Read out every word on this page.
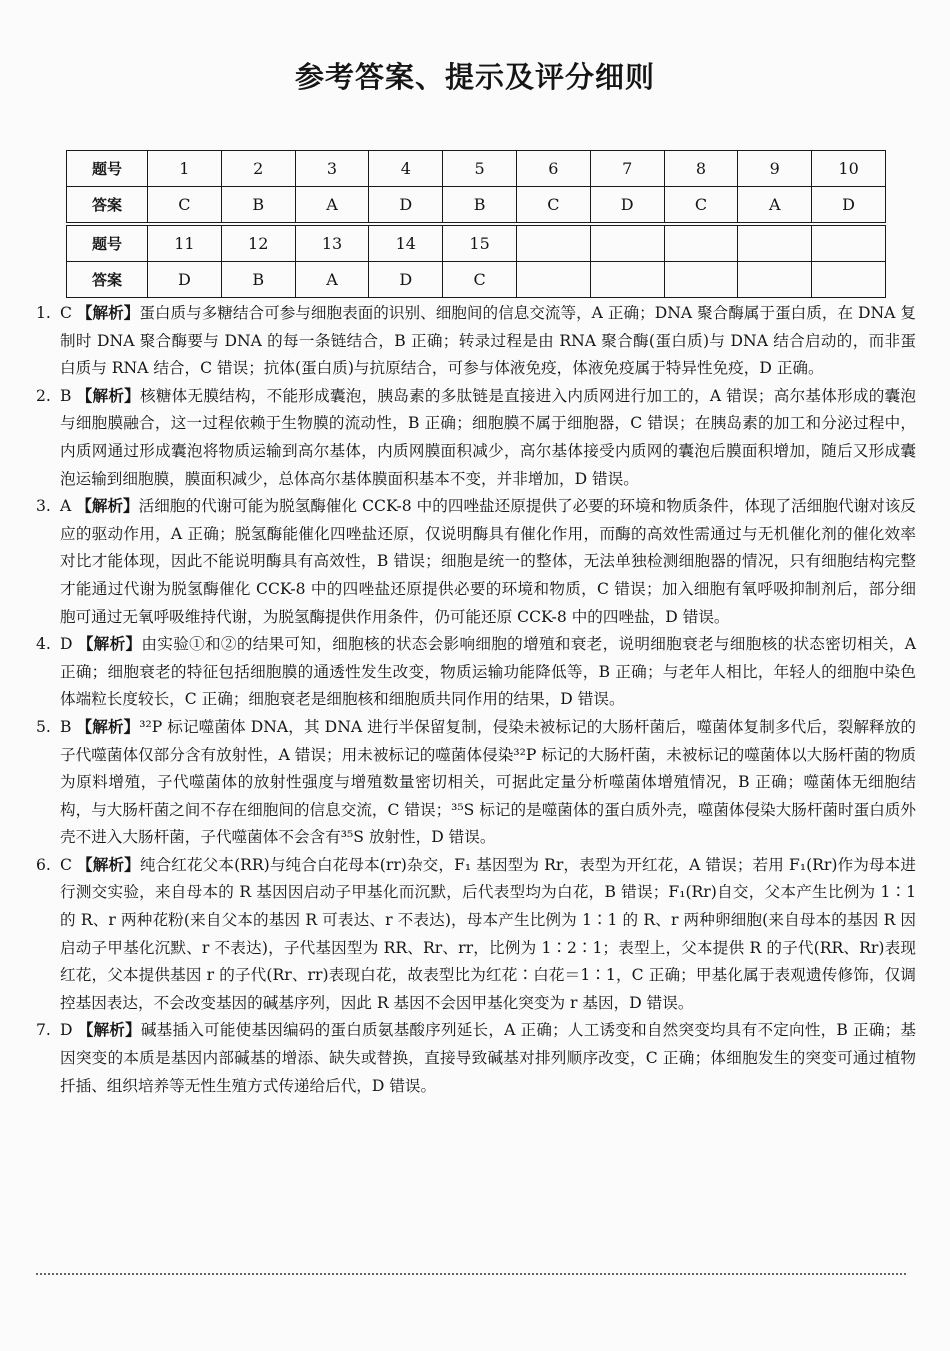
参考答案、提示及评分细则
题号	1	2	3	4	5	6	7	8	9	10
答案	C	B	A	D	B	C	D	C	A	D

题号	11	12	13	14	15					
答案	D	B	A	D	C					

1. C 【解析】蛋白质与多糖结合可参与细胞表面的识别、细胞间的信息交流等，A 正确；DNA 聚合酶属于蛋白质，在 DNA 复制时 DNA 聚合酶要与 DNA 的每一条链结合，B 正确；转录过程是由 RNA 聚合酶(蛋白质)与 DNA 结合启动的，而非蛋白质与 RNA 结合，C 错误；抗体(蛋白质)与抗原结合，可参与体液免疫，体液免疫属于特异性免疫，D 正确。

2. B 【解析】核糖体无膜结构，不能形成囊泡，胰岛素的多肽链是直接进入内质网进行加工的，A 错误；高尔基体形成的囊泡与细胞膜融合，这一过程依赖于生物膜的流动性，B 正确；细胞膜不属于细胞器，C 错误；在胰岛素的加工和分泌过程中，内质网通过形成囊泡将物质运输到高尔基体，内质网膜面积减少，高尔基体接受内质网的囊泡后膜面积增加，随后又形成囊泡运输到细胞膜，膜面积减少，总体高尔基体膜面积基本不变，并非增加，D 错误。

3. A 【解析】活细胞的代谢可能为脱氢酶催化 CCK-8 中的四唑盐还原提供了必要的环境和物质条件，体现了活细胞代谢对该反应的驱动作用，A 正确；脱氢酶能催化四唑盐还原，仅说明酶具有催化作用，而酶的高效性需通过与无机催化剂的催化效率对比才能体现，因此不能说明酶具有高效性，B 错误；细胞是统一的整体，无法单独检测细胞器的情况，只有细胞结构完整才能通过代谢为脱氢酶催化 CCK-8 中的四唑盐还原提供必要的环境和物质，C 错误；加入细胞有氧呼吸抑制剂后，部分细胞可通过无氧呼吸维持代谢，为脱氢酶提供作用条件，仍可能还原 CCK-8 中的四唑盐，D 错误。

4. D 【解析】由实验①和②的结果可知，细胞核的状态会影响细胞的增殖和衰老，说明细胞衰老与细胞核的状态密切相关，A 正确；细胞衰老的特征包括细胞膜的通透性发生改变，物质运输功能降低等，B 正确；与老年人相比，年轻人的细胞中染色体端粒长度较长，C 正确；细胞衰老是细胞核和细胞质共同作用的结果，D 错误。

5. B 【解析】³²P 标记噬菌体 DNA，其 DNA 进行半保留复制，侵染未被标记的大肠杆菌后，噬菌体复制多代后，裂解释放的子代噬菌体仅部分含有放射性，A 错误；用未被标记的噬菌体侵染³²P 标记的大肠杆菌，未被标记的噬菌体以大肠杆菌的物质为原料增殖，子代噬菌体的放射性强度与增殖数量密切相关，可据此定量分析噬菌体增殖情况，B 正确；噬菌体无细胞结构，与大肠杆菌之间不存在细胞间的信息交流，C 错误；³⁵S 标记的是噬菌体的蛋白质外壳，噬菌体侵染大肠杆菌时蛋白质外壳不进入大肠杆菌，子代噬菌体不会含有³⁵S 放射性，D 错误。

6. C 【解析】纯合红花父本(RR)与纯合白花母本(rr)杂交，F₁ 基因型为 Rr，表型为开红花，A 错误；若用 F₁(Rr)作为母本进行测交实验，来自母本的 R 基因因启动子甲基化而沉默，后代表型均为白花，B 错误；F₁(Rr)自交，父本产生比例为 1∶1 的 R、r 两种花粉(来自父本的基因 R 可表达、r 不表达)，母本产生比例为 1∶1 的 R、r 两种卵细胞(来自母本的基因 R 因启动子甲基化沉默、r 不表达)，子代基因型为 RR、Rr、rr，比例为 1∶2∶1；表型上，父本提供 R 的子代(RR、Rr)表现红花，父本提供基因 r 的子代(Rr、rr)表现白花，故表型比为红花∶白花＝1∶1，C 正确；甲基化属于表观遗传修饰，仅调控基因表达，不会改变基因的碱基序列，因此 R 基因不会因甲基化突变为 r 基因，D 错误。

7. D 【解析】碱基插入可能使基因编码的蛋白质氨基酸序列延长，A 正确；人工诱变和自然突变均具有不定向性，B 正确；基因突变的本质是基因内部碱基的增添、缺失或替换，直接导致碱基对排列顺序改变，C 正确；体细胞发生的突变可通过植物扦插、组织培养等无性生殖方式传递给后代，D 错误。
